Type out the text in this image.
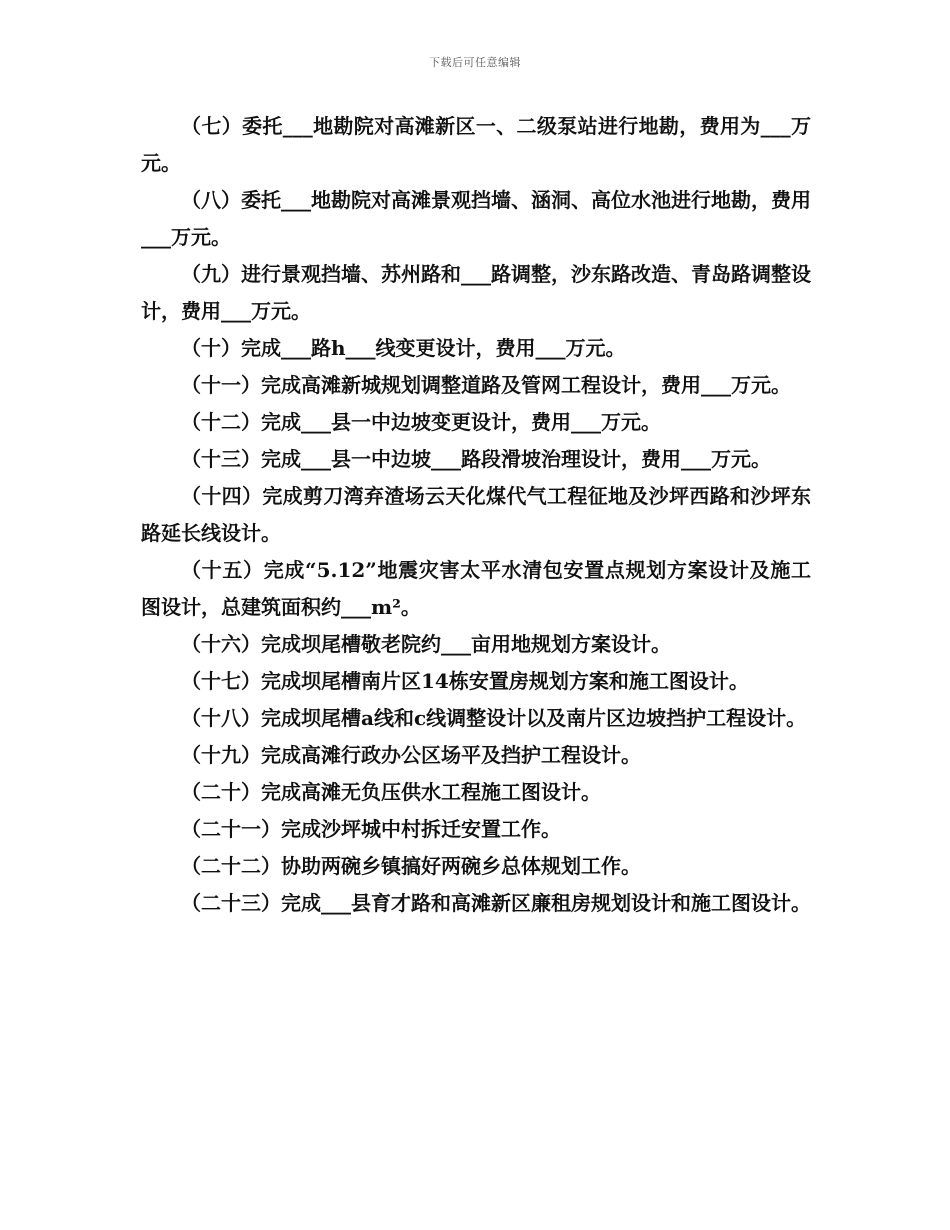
下载后可任意编辑

（七）委托___地勘院对高滩新区一、二级泵站进行地勘，费用为___万元。

（八）委托___地勘院对高滩景观挡墙、涵洞、高位水池进行地勘，费用___万元。

（九）进行景观挡墙、苏州路和___路调整，沙东路改造、青岛路调整设计，费用___万元。

（十）完成___路h___线变更设计，费用___万元。

（十一）完成高滩新城规划调整道路及管网工程设计，费用___万元。

（十二）完成___县一中边坡变更设计，费用___万元。

（十三）完成___县一中边坡___路段滑坡治理设计，费用___万元。

（十四）完成剪刀湾弃渣场云天化煤代气工程征地及沙坪西路和沙坪东路延长线设计。

（十五）完成“5.12”地震灾害太平水清包安置点规划方案设计及施工图设计，总建筑面积约___m²。

（十六）完成坝尾槽敬老院约___亩用地规划方案设计。

（十七）完成坝尾槽南片区14栋安置房规划方案和施工图设计。

（十八）完成坝尾槽a线和c线调整设计以及南片区边坡挡护工程设计。

（十九）完成高滩行政办公区场平及挡护工程设计。

（二十）完成高滩无负压供水工程施工图设计。

（二十一）完成沙坪城中村拆迁安置工作。

（二十二）协助两碗乡镇搞好两碗乡总体规划工作。

（二十三）完成___县育才路和高滩新区廉租房规划设计和施工图设计。
